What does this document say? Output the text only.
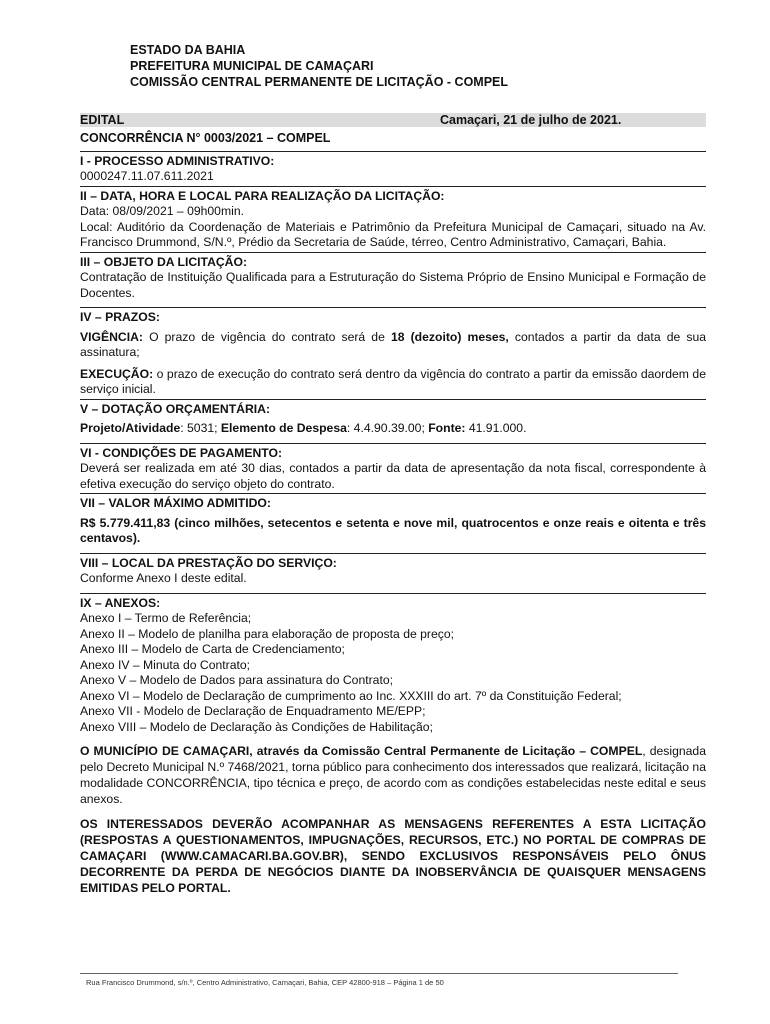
ESTADO DA BAHIA
PREFEITURA MUNICIPAL DE CAMAÇARI
COMISSÃO CENTRAL PERMANENTE DE LICITAÇÃO - COMPEL
EDITAL	Camaçari, 21 de julho de 2021.
CONCORRÊNCIA N° 0003/2021 – COMPEL
I - PROCESSO ADMINISTRATIVO:
0000247.11.07.611.2021
II – DATA, HORA E LOCAL PARA REALIZAÇÃO DA LICITAÇÃO:
Data: 08/09/2021 – 09h00min.
Local: Auditório da Coordenação de Materiais e Patrimônio da Prefeitura Municipal de Camaçari, situado na Av. Francisco Drummond, S/N.º, Prédio da Secretaria de Saúde, térreo, Centro Administrativo, Camaçari, Bahia.
III – OBJETO DA LICITAÇÃO:
Contratação de Instituição Qualificada para a Estruturação do Sistema Próprio de Ensino Municipal e Formação de Docentes.
IV – PRAZOS:
VIGÊNCIA: O prazo de vigência do contrato será de 18 (dezoito) meses, contados a partir da data de sua assinatura;
EXECUÇÃO: o prazo de execução do contrato será dentro da vigência do contrato a partir da emissão daordem de serviço inicial.
V – DOTAÇÃO ORÇAMENTÁRIA:
Projeto/Atividade: 5031; Elemento de Despesa: 4.4.90.39.00; Fonte: 41.91.000.
VI - CONDIÇÕES DE PAGAMENTO:
Deverá ser realizada em até 30 dias, contados a partir da data de apresentação da nota fiscal, correspondente à efetiva execução do serviço objeto do contrato.
VII – VALOR MÁXIMO ADMITIDO:
R$ 5.779.411,83 (cinco milhões, setecentos e setenta e nove mil, quatrocentos e onze reais e oitenta e três centavos).
VIII – LOCAL DA PRESTAÇÃO DO SERVIÇO:
Conforme Anexo I deste edital.
IX – ANEXOS:
Anexo I – Termo de Referência;
Anexo II – Modelo de planilha para elaboração de proposta de preço;
Anexo III – Modelo de Carta de Credenciamento;
Anexo IV – Minuta do Contrato;
Anexo V – Modelo de Dados para assinatura do Contrato;
Anexo VI – Modelo de Declaração de cumprimento ao Inc. XXXIII do art. 7º da Constituição Federal;
Anexo VII - Modelo de Declaração de Enquadramento ME/EPP;
Anexo VIII – Modelo de Declaração às Condições de Habilitação;
O MUNICÍPIO DE CAMAÇARI, através da Comissão Central Permanente de Licitação – COMPEL, designada pelo Decreto Municipal N.º 7468/2021, torna público para conhecimento dos interessados que realizará, licitação na modalidade CONCORRÊNCIA, tipo técnica e preço, de acordo com as condições estabelecidas neste edital e seus anexos.
OS INTERESSADOS DEVERÃO ACOMPANHAR AS MENSAGENS REFERENTES A ESTA LICITAÇÃO (RESPOSTAS A QUESTIONAMENTOS, IMPUGNAÇÕES, RECURSOS, ETC.) NO PORTAL DE COMPRAS DE CAMAÇARI (WWW.CAMACARI.BA.GOV.BR), SENDO EXCLUSIVOS RESPONSÁVEIS PELO ÔNUS DECORRENTE DA PERDA DE NEGÓCIOS DIANTE DA INOBSERVÂNCIA DE QUAISQUER MENSAGENS EMITIDAS PELO PORTAL.
Rua Francisco Drummond, s/n.º, Centro Administrativo, Camaçari, Bahia, CEP 42800-918 – Página 1 de 50
